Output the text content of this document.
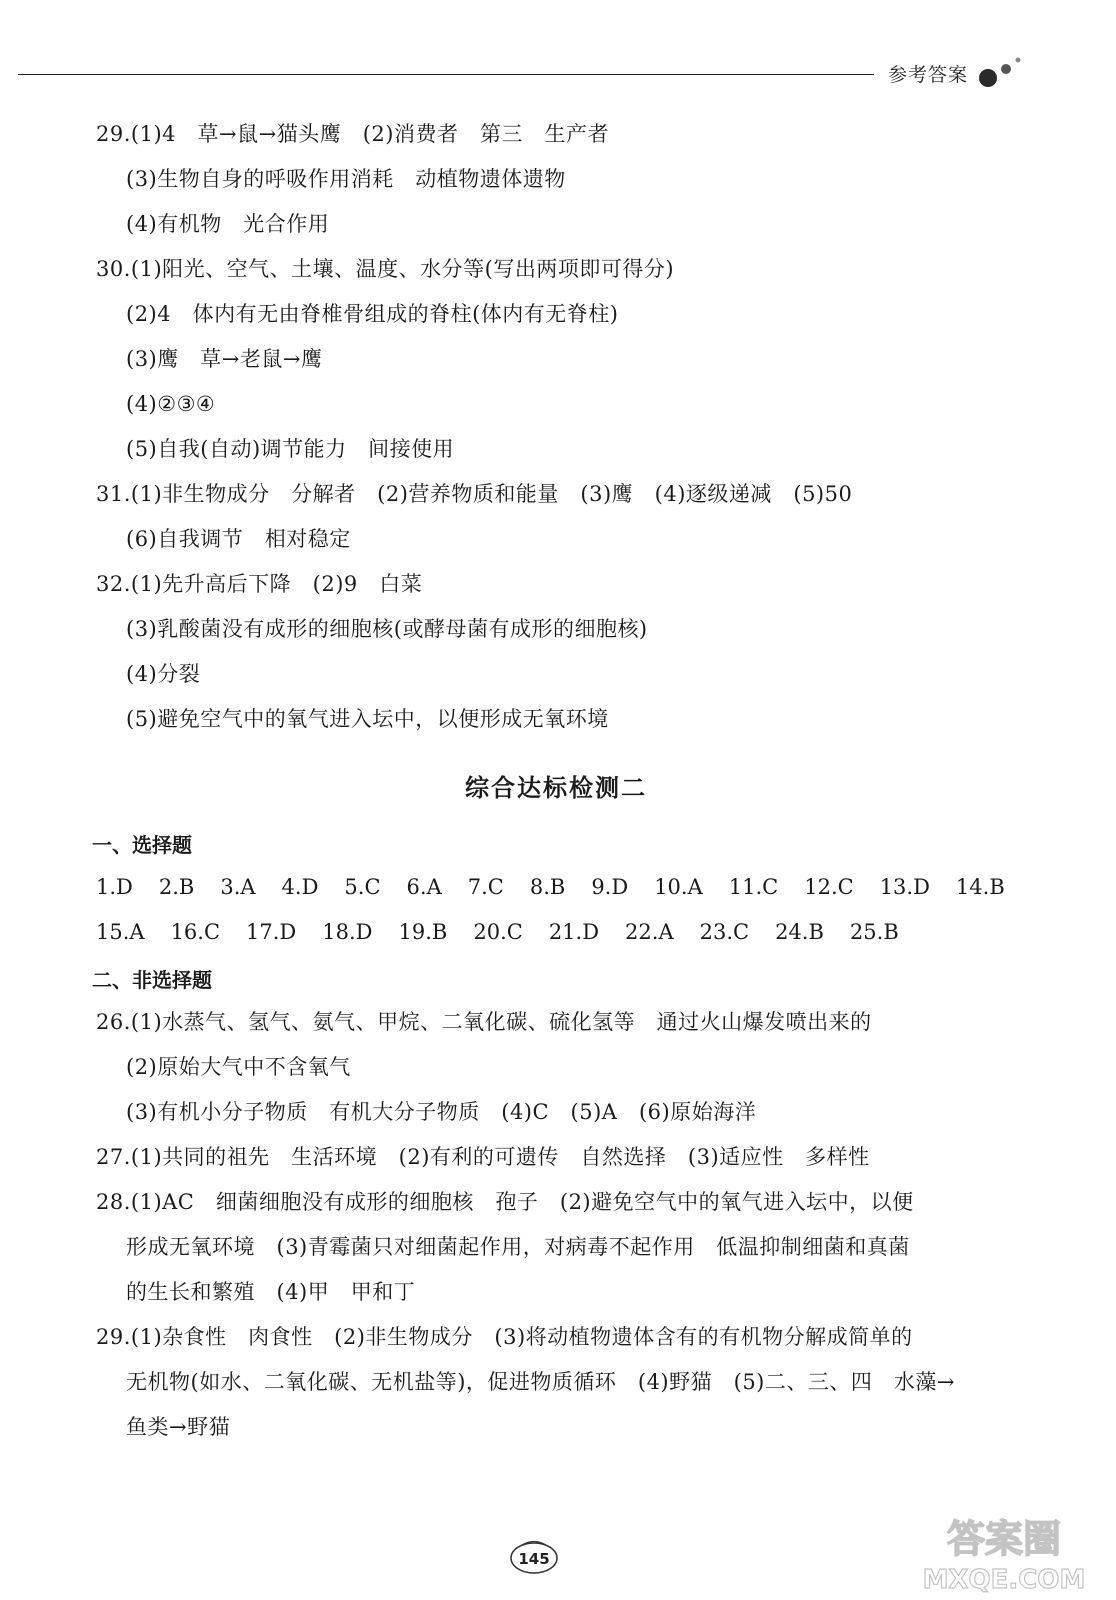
参考答案
29.(1)4　草→鼠→猫头鹰　(2)消费者　第三　生产者
(3)生物自身的呼吸作用消耗　动植物遗体遗物
(4)有机物　光合作用
30.(1)阳光、空气、土壤、温度、水分等(写出两项即可得分)
(2)4　体内有无由脊椎骨组成的脊柱(体内有无脊柱)
(3)鹰　草→老鼠→鹰
(4)②③④
(5)自我(自动)调节能力　间接使用
31.(1)非生物成分　分解者　(2)营养物质和能量　(3)鹰　(4)逐级递减　(5)50
(6)自我调节　相对稳定
32.(1)先升高后下降　(2)9　白菜
(3)乳酸菌没有成形的细胞核(或酵母菌有成形的细胞核)
(4)分裂
(5)避免空气中的氧气进入坛中，以便形成无氧环境
综合达标检测二
一、选择题
1.D 2.B 3.A 4.D 5.C 6.A 7.C 8.B 9.D 10.A 11.C 12.C 13.D 14.B
15.A 16.C 17.D 18.D 19.B 20.C 21.D 22.A 23.C 24.B 25.B
二、非选择题
26.(1)水蒸气、氢气、氨气、甲烷、二氧化碳、硫化氢等　通过火山爆发喷出来的
(2)原始大气中不含氧气
(3)有机小分子物质　有机大分子物质　(4)C　(5)A　(6)原始海洋
27.(1)共同的祖先　生活环境　(2)有利的可遗传　自然选择　(3)适应性　多样性
28.(1)AC　细菌细胞没有成形的细胞核　孢子　(2)避免空气中的氧气进入坛中，以便
形成无氧环境　(3)青霉菌只对细菌起作用，对病毒不起作用　低温抑制细菌和真菌
的生长和繁殖　(4)甲　甲和丁
29.(1)杂食性　肉食性　(2)非生物成分　(3)将动植物遗体含有的有机物分解成简单的
无机物(如水、二氧化碳、无机盐等)，促进物质循环　(4)野猫　(5)二、三、四　水藻→
鱼类→野猫
145	答案圈
MXQE.COM
